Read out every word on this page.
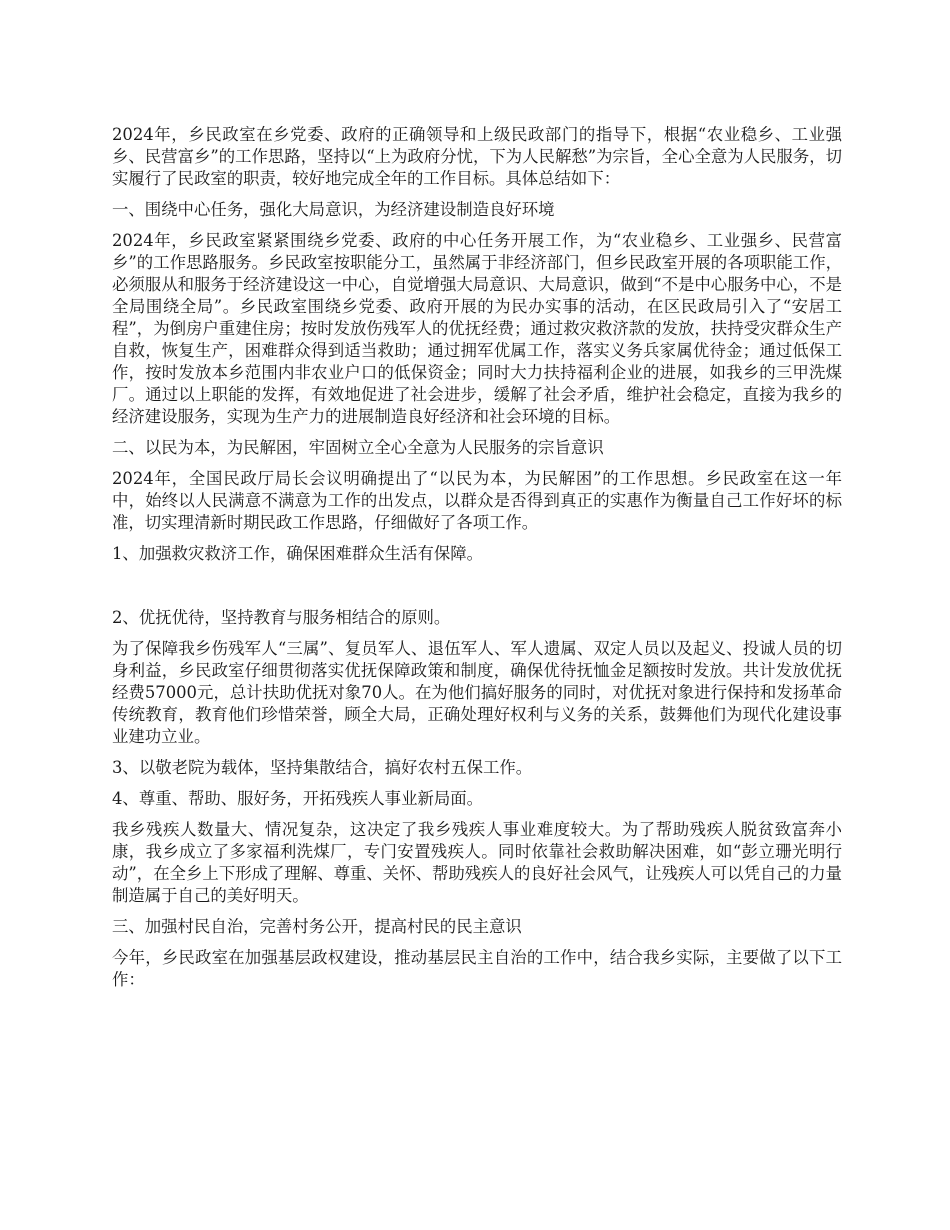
2024年，乡民政室在乡党委、政府的正确领导和上级民政部门的指导下，根据“农业稳乡、工业强乡、民营富乡”的工作思路，坚持以“上为政府分忧，下为人民解愁”为宗旨，全心全意为人民服务，切实履行了民政室的职责，较好地完成全年的工作目标。具体总结如下：

一、围绕中心任务，强化大局意识，为经济建设制造良好环境

2024年，乡民政室紧紧围绕乡党委、政府的中心任务开展工作，为“农业稳乡、工业强乡、民营富乡”的工作思路服务。乡民政室按职能分工，虽然属于非经济部门，但乡民政室开展的各项职能工作，必须服从和服务于经济建设这一中心，自觉增强大局意识、大局意识，做到“不是中心服务中心，不是全局围绕全局”。乡民政室围绕乡党委、政府开展的为民办实事的活动，在区民政局引入了“安居工程”，为倒房户重建住房；按时发放伤残军人的优抚经费；通过救灾救济款的发放，扶持受灾群众生产自救，恢复生产，困难群众得到适当救助；通过拥军优属工作，落实义务兵家属优待金；通过低保工作，按时发放本乡范围内非农业户口的低保资金；同时大力扶持福利企业的进展，如我乡的三甲洗煤厂。通过以上职能的发挥，有效地促进了社会进步，缓解了社会矛盾，维护社会稳定，直接为我乡的经济建设服务，实现为生产力的进展制造良好经济和社会环境的目标。

二、以民为本，为民解困，牢固树立全心全意为人民服务的宗旨意识

2024年，全国民政厅局长会议明确提出了“以民为本，为民解困”的工作思想。乡民政室在这一年中，始终以人民满意不满意为工作的出发点，以群众是否得到真正的实惠作为衡量自己工作好坏的标准，切实理清新时期民政工作思路，仔细做好了各项工作。

1、加强救灾救济工作，确保困难群众生活有保障。

2、优抚优待，坚持教育与服务相结合的原则。

为了保障我乡伤残军人“三属”、复员军人、退伍军人、军人遗属、双定人员以及起义、投诚人员的切身利益，乡民政室仔细贯彻落实优抚保障政策和制度，确保优待抚恤金足额按时发放。共计发放优抚经费57000元，总计扶助优抚对象70人。在为他们搞好服务的同时，对优抚对象进行保持和发扬革命传统教育，教育他们珍惜荣誉，顾全大局，正确处理好权利与义务的关系，鼓舞他们为现代化建设事业建功立业。

3、以敬老院为载体，坚持集散结合，搞好农村五保工作。

4、尊重、帮助、服好务，开拓残疾人事业新局面。

我乡残疾人数量大、情况复杂，这决定了我乡残疾人事业难度较大。为了帮助残疾人脱贫致富奔小康，我乡成立了多家福利洗煤厂，专门安置残疾人。同时依靠社会救助解决困难，如“彭立珊光明行动”，在全乡上下形成了理解、尊重、关怀、帮助残疾人的良好社会风气，让残疾人可以凭自己的力量制造属于自己的美好明天。

三、加强村民自治，完善村务公开，提高村民的民主意识

今年，乡民政室在加强基层政权建设，推动基层民主自治的工作中，结合我乡实际，主要做了以下工作：
